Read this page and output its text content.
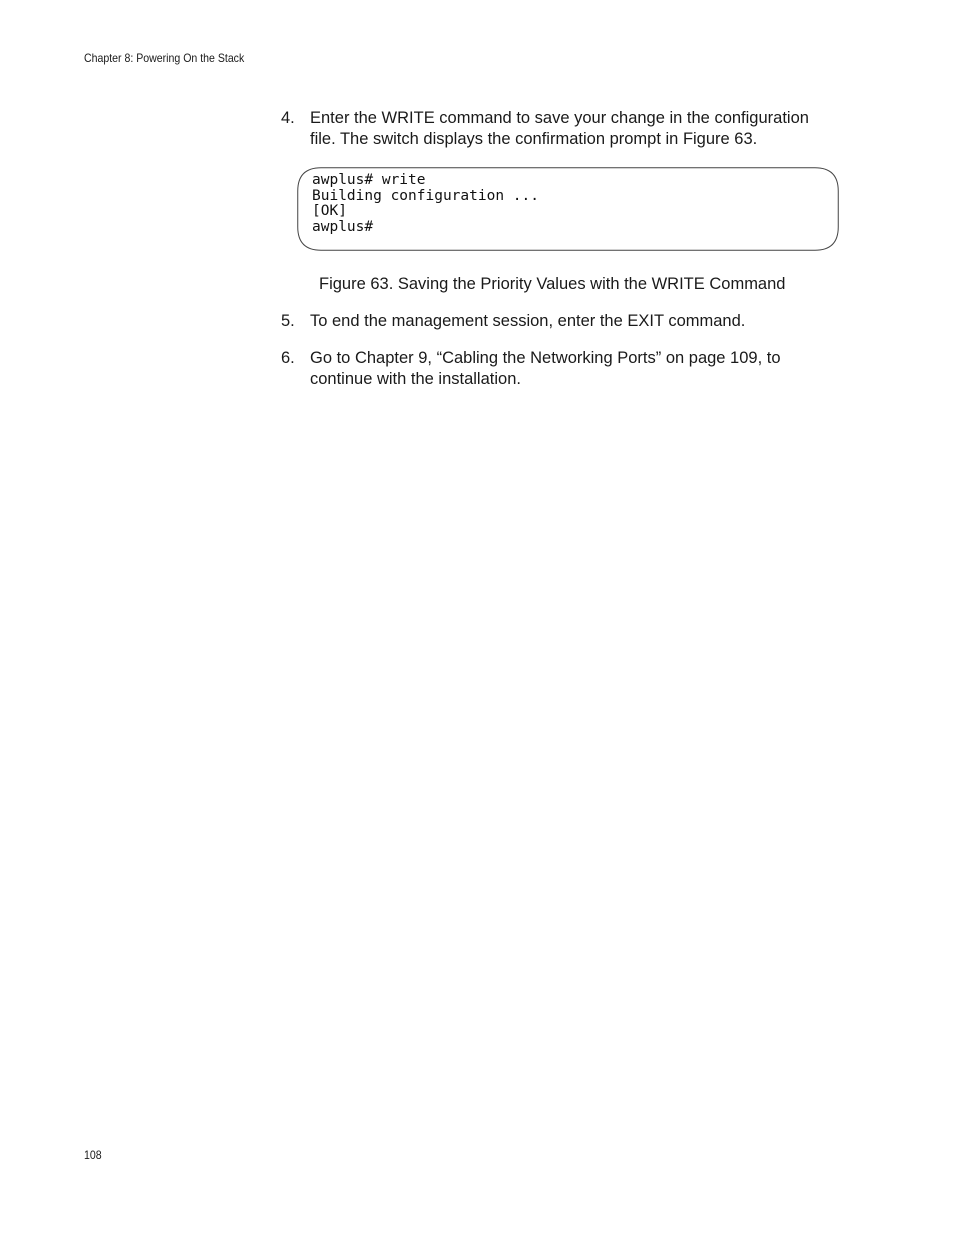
Chapter 8: Powering On the Stack
4. Enter the WRITE command to save your change in the configuration
file. The switch displays the confirmation prompt in Figure 63.
awplus# write
Building configuration ...
[OK]
awplus#
Figure 63. Saving the Priority Values with the WRITE Command
5. To end the management session, enter the EXIT command.
6. Go to Chapter 9, “Cabling the Networking Ports” on page 109, to
continue with the installation.
108
